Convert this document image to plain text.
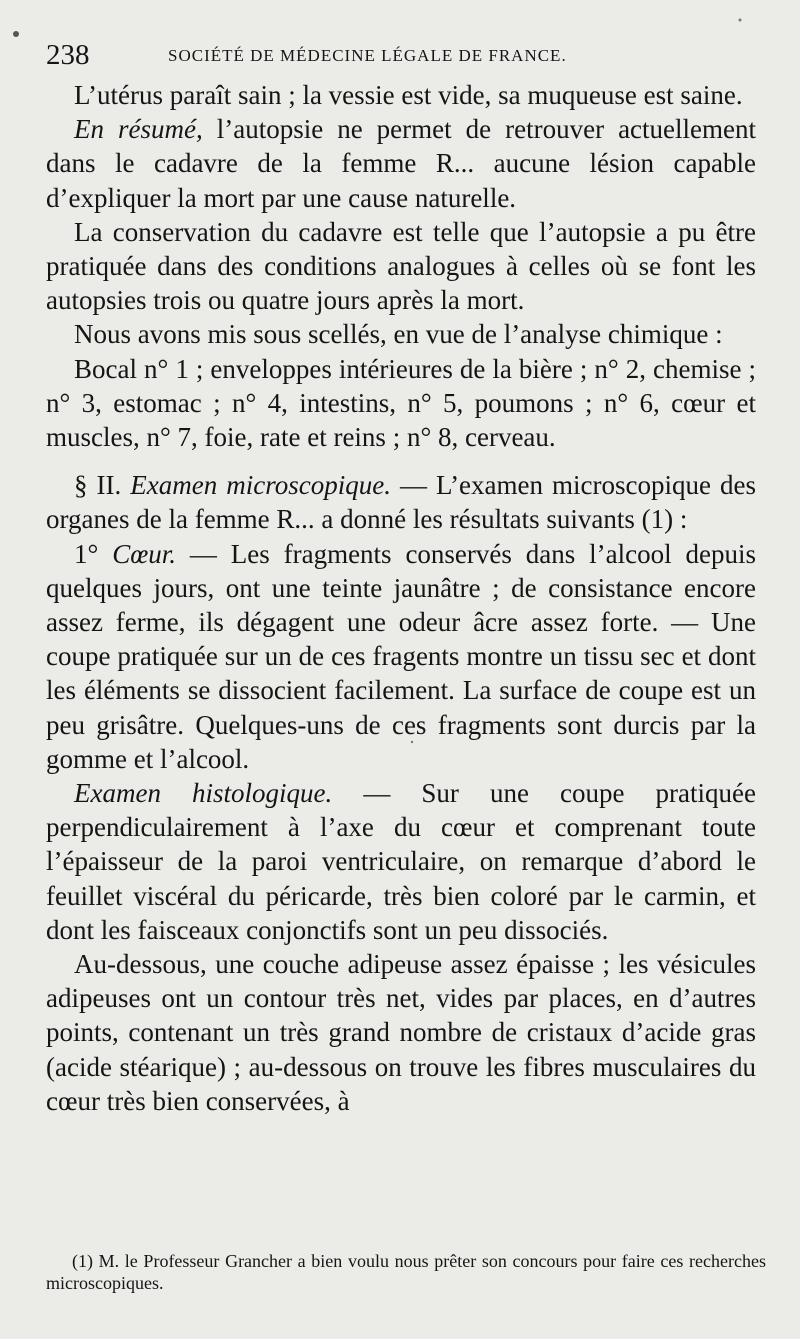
238	SOCIÉTÉ DE MÉDECINE LÉGALE DE FRANCE.

L’utérus paraît sain ; la vessie est vide, sa muqueuse est saine.

En résumé, l’autopsie ne permet de retrouver actuellement dans le cadavre de la femme R... aucune lésion capable d’expliquer la mort par une cause naturelle.

La conservation du cadavre est telle que l’autopsie a pu être pratiquée dans des conditions analogues à celles où se font les autopsies trois ou quatre jours après la mort.

Nous avons mis sous scellés, en vue de l’analyse chimique :

Bocal n° 1 ; enveloppes intérieures de la bière ; n° 2, chemise ; n° 3, estomac ; n° 4, intestins, n° 5, poumons ; n° 6, cœur et muscles, n° 7, foie, rate et reins ; n° 8, cerveau.

§ II. Examen microscopique. — L’examen microscopique des organes de la femme R... a donné les résultats suivants (1) :

1° Cœur. — Les fragments conservés dans l’alcool depuis quelques jours, ont une teinte jaunâtre ; de consistance encore assez ferme, ils dégagent une odeur âcre assez forte. — Une coupe pratiquée sur un de ces fragents montre un tissu sec et dont les éléments se dissocient facilement. La surface de coupe est un peu grisâtre. Quelques-uns de ces fragments sont durcis par la gomme et l’alcool.

Examen histologique. — Sur une coupe pratiquée perpendiculairement à l’axe du cœur et comprenant toute l’épaisseur de la paroi ventriculaire, on remarque d’abord le feuillet viscéral du péricarde, très bien coloré par le carmin, et dont les faisceaux conjonctifs sont un peu dissociés.

Au-dessous, une couche adipeuse assez épaisse ; les vésicules adipeuses ont un contour très net, vides par places, en d’autres points, contenant un très grand nombre de cristaux d’acide gras (acide stéarique) ; au-dessous on trouve les fibres musculaires du cœur très bien conservées, à

(1) M. le Professeur Grancher a bien voulu nous prêter son concours pour faire ces recherches microscopiques.
